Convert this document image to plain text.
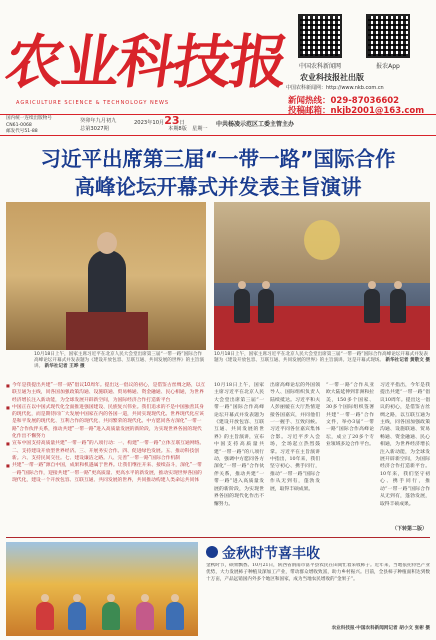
农业科技报
AGRICULTURE SCIENCE & TECHNOLOGY NEWS
中国农科新闻网	报农App
农业科技报社出版
中国农科新闻网：http://www.nkb.com.cn
新闻热线：029-87036602
投稿邮箱：nkjb2001@163.com
国内统一连续出版物号
CN61-0068
邮发代号51-88
癸卯年九月初九
总第3027期
2023年10月23日
星期一
本期8版
中共杨凌示范区工委主管主办
习近平出席第三届“一带一路”国际合作
高峰论坛开幕式并发表主旨演讲
10月18日上午，国家主席习近平在北京人民大会堂出席第三届“一带一路”国际合作高峰论坛开幕式并发表题为《建设开放包容、互联互通、共同发展的世界》的主旨演讲。 新华社记者 王晔 摄
10月18日上午，国家主席习近平在北京人民大会堂出席第三届“一带一路”国际合作高峰论坛开幕式并发表题为《建设开放包容、互联互通、共同发展的世界》的主旨演讲。这是开幕式现场。 新华社记者 黄敬文 摄
■ 今年是我提出共建“一带一路”倡议10周年。提出这一倡议的初心，是借鉴古丝绸之路，以互联互通为主线，同各国加强政策沟通、设施联通、贸易畅通、资金融通、民心相通，为世界经济增长注入新动能，为全球发展开辟新空间，为国际经济合作打造新平台
■ 中国正在以中国式现代化全面推进强国建设、民族复兴伟业。我们追求的不是中国独善其身的现代化，而是期待同广大发展中国家在内的各国一道，共同实现现代化。世界现代化应该是和平发展的现代化、互利合作的现代化、共同繁荣的现代化。中方愿同各方深化“一带一路”合作伙伴关系，推动共建“一带一路”进入高质量发展的新阶段，为实现世界各国的现代化作出不懈努力
■ 宣布中国支持高质量共建“一带一路”的八项行动：一、构建“一带一路”立体互联互通网络。二、支持建设开放型世界经济。三、开展务实合作。四、促进绿色发展。五、推动科技创新。六、支持民间交往。七、建设廉洁之路。八、完善“一带一路”国际合作机制
■ 共建“一带一路”源自中国，成果和机遇属于世界。让我们继往开来、接续奋斗，深化“一带一路”国际合作，迎接共建“一带一路”更高质量、更高水平的新发展，推动实现世界各国的现代化，建设一个开放包容、互联互通、共同发展的世界，共同推动构建人类命运共同体
10月18日上午，国家主席习近平在北京人民大会堂出席第三届“一带一路”国际合作高峰论坛开幕式并发表题为《建设开放包容、互联互通、共同发展的世界》的主旨演讲，宣布中国支持高质量共建“一带一路”的八项行动，强调中方愿同各方深化“一带一路”合作伙伴关系，推动共建“一带一路”进入高质量发展的新阶段，为实现世界各国的现代化作出不懈努力。
出席高峰论坛的外国领导人、国际组织负责人陆续抵达。习近平和夫人彭丽媛在大厅热情迎接各国嘉宾，并同他们一一握手、互致问候。习近平同各位嘉宾集体合影。习近平步入会场，全场起立热烈鼓掌。习近平在主旨演讲中指出，10年来，我们坚守初心、携手同行，推动“一带一路”国际合作从无到有，蓬勃发展，取得丰硕成果。
“一带一路”合作从亚欧大陆延伸到非洲和拉美，150多个国家、30多个国际组织签署共建“一带一路”合作文件，举办3届“一带一路”国际合作高峰论坛，成立了20多个专业领域多边合作平台。
习近平指出，今年是我提出共建“一带一路”倡议10周年。提出这一倡议的初心，是借鉴古丝绸之路，以互联互通为主线，同各国加强政策沟通、设施联通、贸易畅通、资金融通、民心相通，为世界经济增长注入新动能，为全球发展开辟新空间，为国际经济合作打造新平台。10年来，我们坚守初心、携手同行，推动“一带一路”国际合作从无到有，蓬勃发展，取得丰硕成果。
（下转第二版）
金秋时节喜丰收
金秋时节，硕果飘香。10月21日，陕西省渭南市富平县农民在田间忙着采收柿子。近年来，当地依托特色产业优势，大力发展柿子种植及深加工产业，带动群众增收致富，助力乡村振兴。目前，全县柿子种植面积达到数十万亩，产品远销国内外多个地区和国家，成为当地农民增收的“金果子”。
农业科技报·中国农科新闻网记者 胡小文 张彬 摄
